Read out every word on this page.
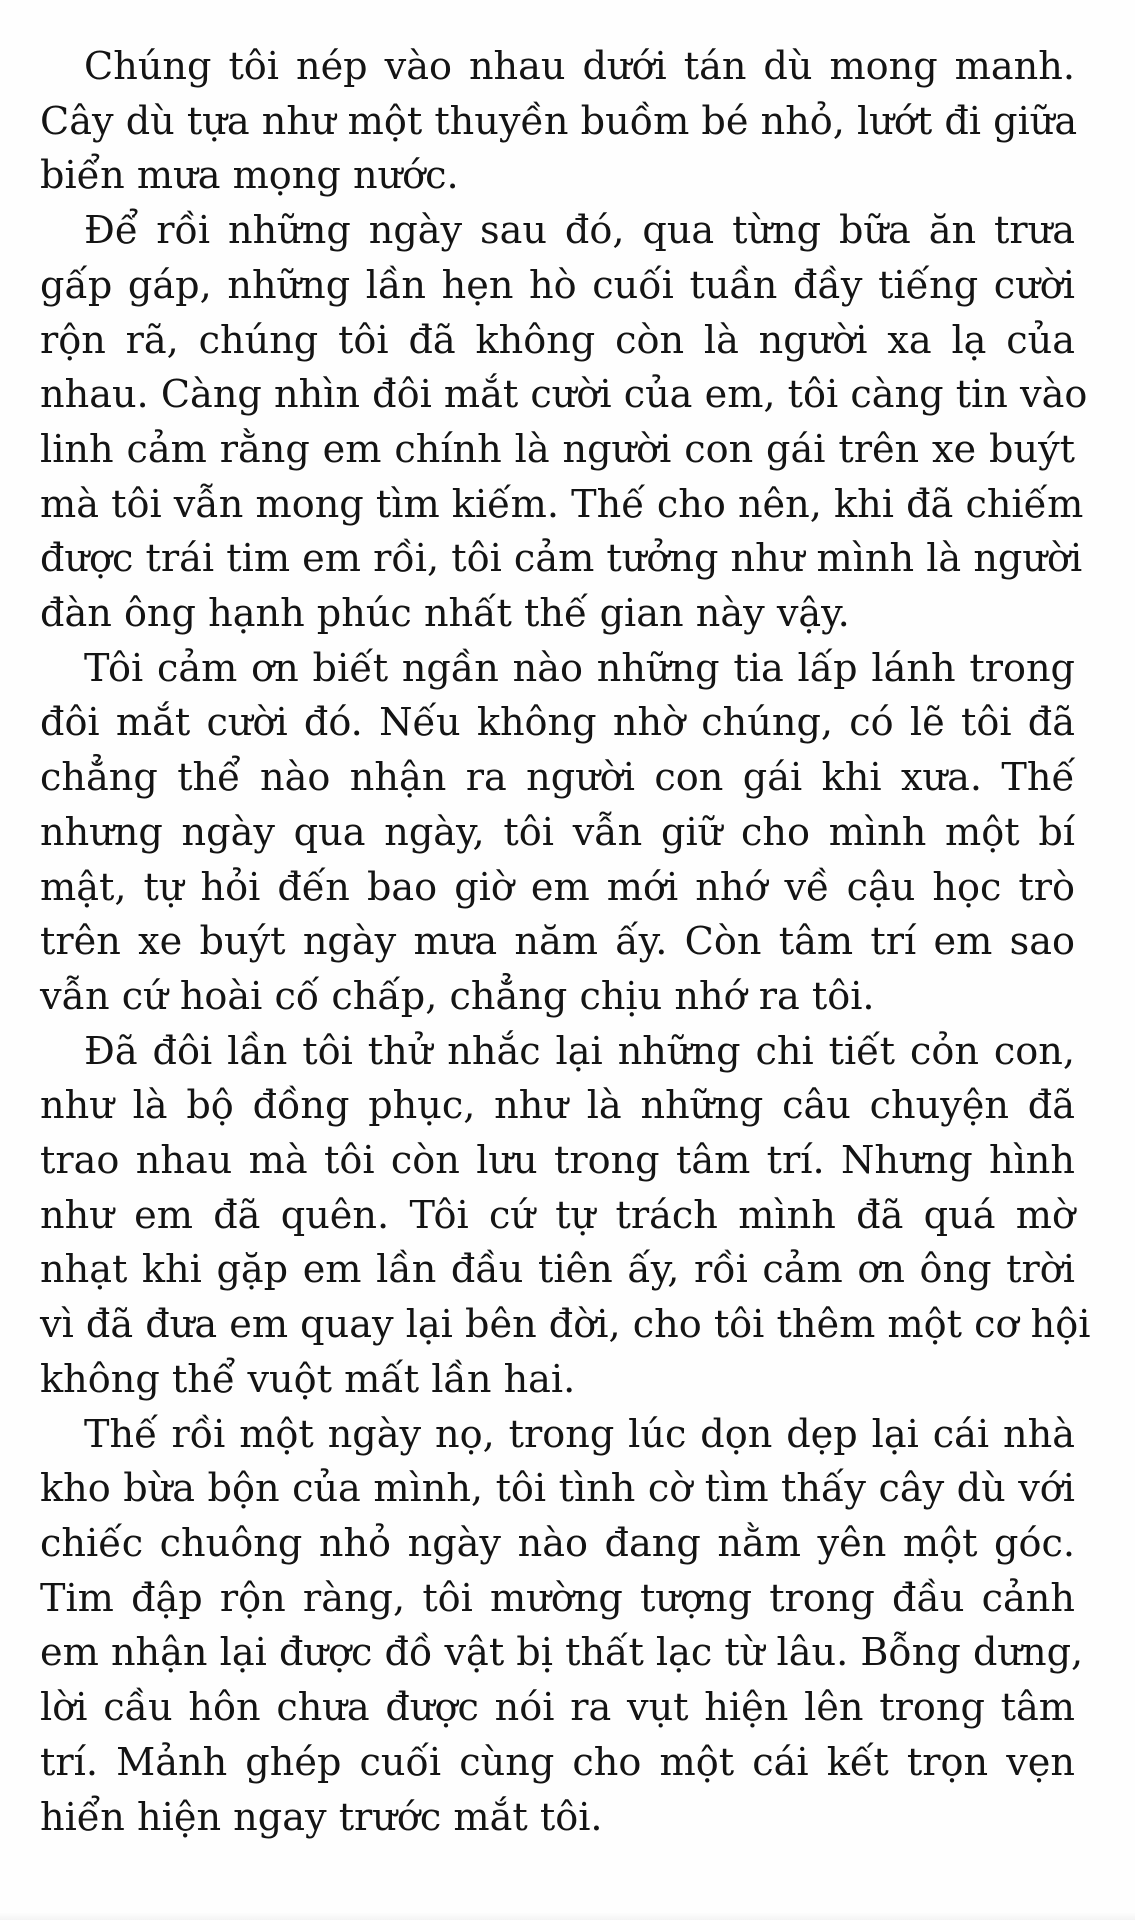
Chúng tôi nép vào nhau dưới tán dù mong manh.
Cây dù tựa như một thuyền buồm bé nhỏ, lướt đi giữa
biển mưa mọng nước.

Để rồi những ngày sau đó, qua từng bữa ăn trưa
gấp gáp, những lần hẹn hò cuối tuần đầy tiếng cười
rộn rã, chúng tôi đã không còn là người xa lạ của
nhau. Càng nhìn đôi mắt cười của em, tôi càng tin vào
linh cảm rằng em chính là người con gái trên xe buýt
mà tôi vẫn mong tìm kiếm. Thế cho nên, khi đã chiếm
được trái tim em rồi, tôi cảm tưởng như mình là người
đàn ông hạnh phúc nhất thế gian này vậy.

Tôi cảm ơn biết ngần nào những tia lấp lánh trong
đôi mắt cười đó. Nếu không nhờ chúng, có lẽ tôi đã
chẳng thể nào nhận ra người con gái khi xưa. Thế
nhưng ngày qua ngày, tôi vẫn giữ cho mình một bí
mật, tự hỏi đến bao giờ em mới nhớ về cậu học trò
trên xe buýt ngày mưa năm ấy. Còn tâm trí em sao
vẫn cứ hoài cố chấp, chẳng chịu nhớ ra tôi.

Đã đôi lần tôi thử nhắc lại những chi tiết cỏn con,
như là bộ đồng phục, như là những câu chuyện đã
trao nhau mà tôi còn lưu trong tâm trí. Nhưng hình
như em đã quên. Tôi cứ tự trách mình đã quá mờ
nhạt khi gặp em lần đầu tiên ấy, rồi cảm ơn ông trời
vì đã đưa em quay lại bên đời, cho tôi thêm một cơ hội
không thể vuột mất lần hai.

Thế rồi một ngày nọ, trong lúc dọn dẹp lại cái nhà
kho bừa bộn của mình, tôi tình cờ tìm thấy cây dù với
chiếc chuông nhỏ ngày nào đang nằm yên một góc.
Tim đập rộn ràng, tôi mường tượng trong đầu cảnh
em nhận lại được đồ vật bị thất lạc từ lâu. Bỗng dưng,
lời cầu hôn chưa được nói ra vụt hiện lên trong tâm
trí. Mảnh ghép cuối cùng cho một cái kết trọn vẹn
hiển hiện ngay trước mắt tôi.
